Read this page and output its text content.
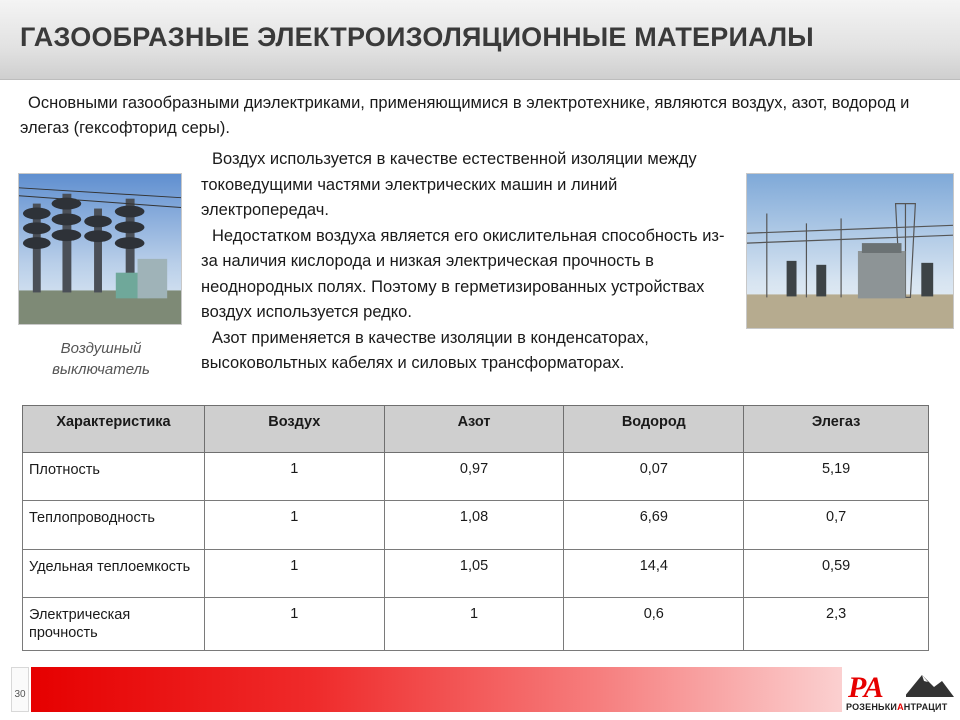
ГАЗООБРАЗНЫЕ ЭЛЕКТРОИЗОЛЯЦИОННЫЕ МАТЕРИАЛЫ

Основными газообразными диэлектриками, применяющимися в электротехнике, являются воздух, азот, водород и элегаз (гексофторид серы).

Воздушный выключатель

Воздух используется в качестве естественной изоляции между токоведущими частями электрических машин и линий электропередач.

Недостатком воздуха является его окислительная способность из-за наличия кислорода и низкая электрическая прочность в неоднородных полях. Поэтому в герметизированных устройствах воздух используется редко.

Азот применяется в качестве изоляции в конденсаторах, высоковольтных кабелях и силовых трансформаторах.

Характеристика	Воздух	Азот	Водород	Элегаз
Плотность	1	0,97	0,07	5,19
Теплопроводность	1	1,08	6,69	0,7
Удельная теплоемкость	1	1,05	14,4	0,59
Электрическая прочность	1	1	0,6	2,3
30	РА
РОЗЕНЬКИАНТРАЦИТ
